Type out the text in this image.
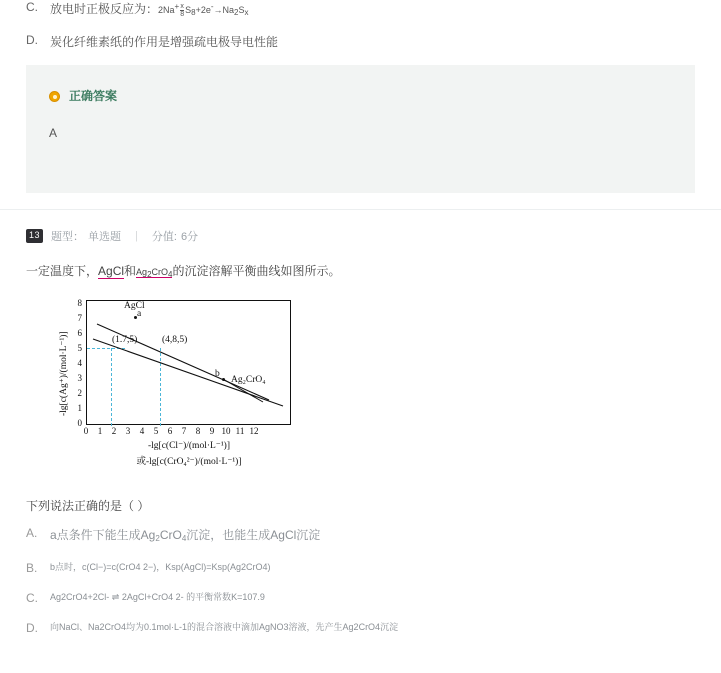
C.	放电时正极反应为：$2Na+ \frac{x}{8} S8+2e-\to Na2Sx$
D.	炭化纤维素纸的作用是增强疏电极导电性能
正确答案
A
13 题型： 单选题	|	分值: 6分
一定温度下，AgCl和Ag2CrO4的沉淀溶解平衡曲线如图所示。
-lg[c(Ag⁺)/(mol·L⁻¹)]
0
1
2
3
4
5
6
7
8
a
b
(1.7,5)	(4,8,5)
AgCl
Ag₂CrO₄
0	1	2	3	4	5	6	7	8	9 10 11 12
-lg[c(Cl⁻)/(mol·L⁻¹)]
或-lg[c(CrO₄²⁻)/(mol·L⁻¹)]
下列说法正确的是（ ）
A.	a点条件下能生成$Ag_2CrO_4$沉淀，也能生成AgCl沉淀
B.	b点时，c(Cl−)=c(CrO4 2−)，Ksp(AgCl)=Ksp(Ag2CrO4)
C.	Ag2CrO4+2Cl- ⇌ 2AgCl+CrO4 2- 的平衡常数K=107.9
D.	向NaCl、Na2CrO4均为0.1mol·L-1的混合溶液中滴加AgNO3溶液，先产生Ag2CrO4沉淀
